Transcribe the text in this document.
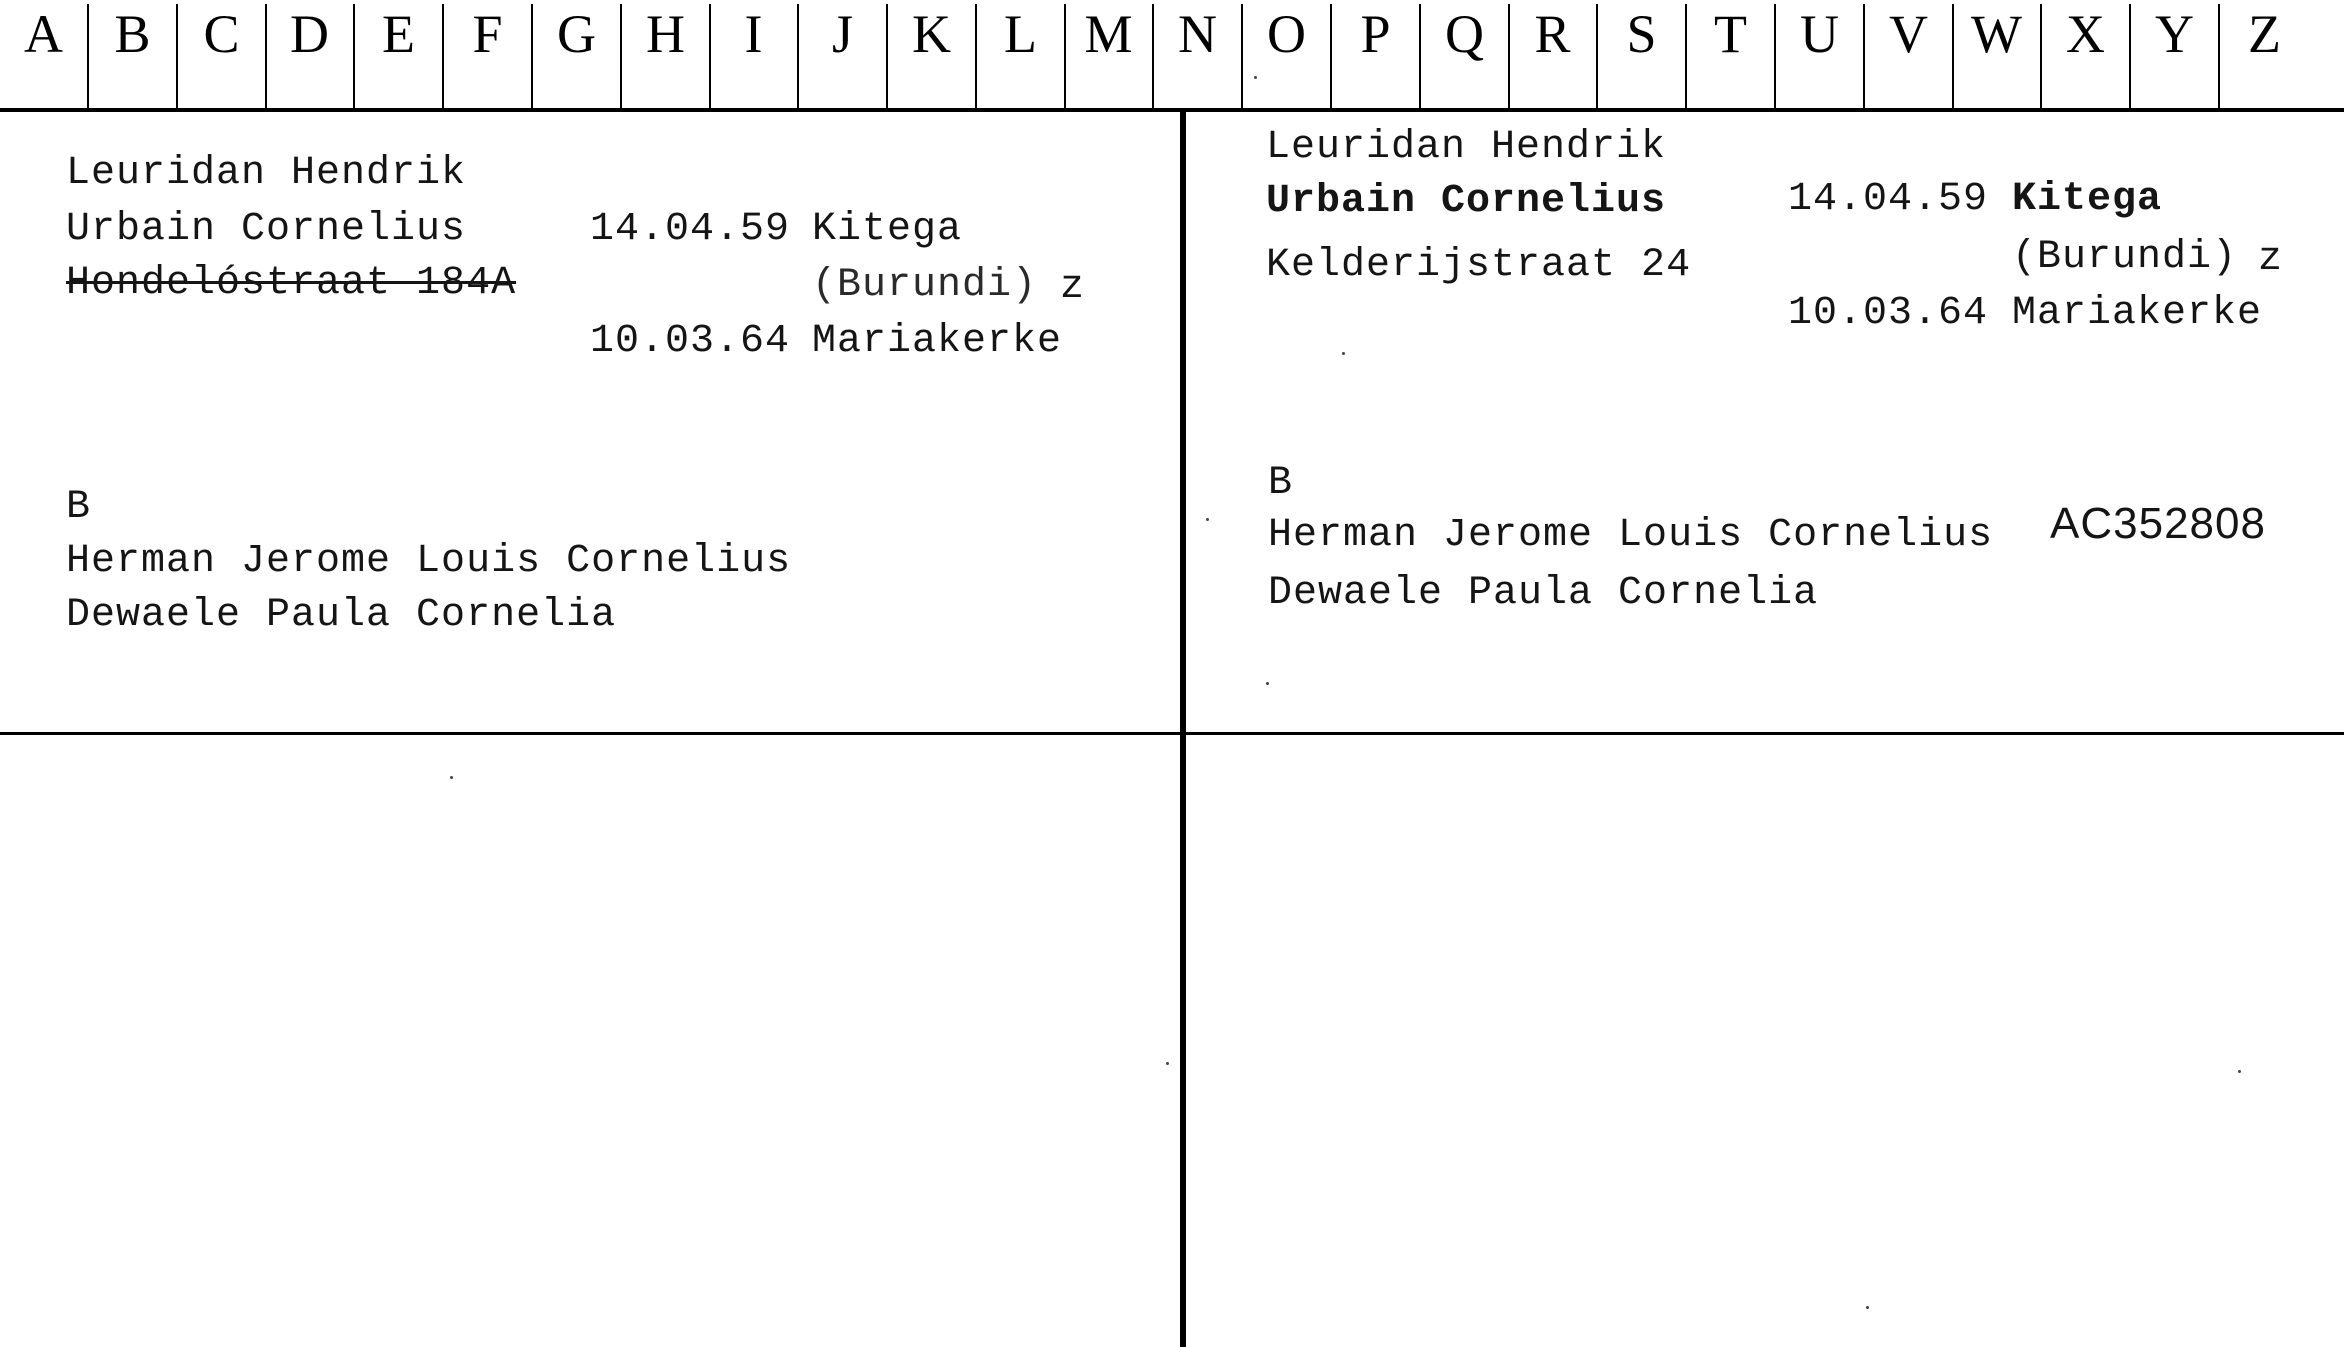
A B C D E	F	G H	I	J	K L M N O	P	Q R	S	T U V W X Y	Z
Leuridan Hendrik
Urbain Cornelius
Hondelóstraat 184A
14.04.59 Kitega
(Burundi) z
10.03.64 Mariakerke
B
Herman Jerome Louis Cornelius
Dewaele Paula Cornelia
Leuridan Hendrik
Urbain Cornelius
Kelderijstraat 24
14.04.59 Kitega
(Burundi) z
10.03.64 Mariakerke
B
Herman Jerome Louis Cornelius AC352808
Dewaele Paula Cornelia
